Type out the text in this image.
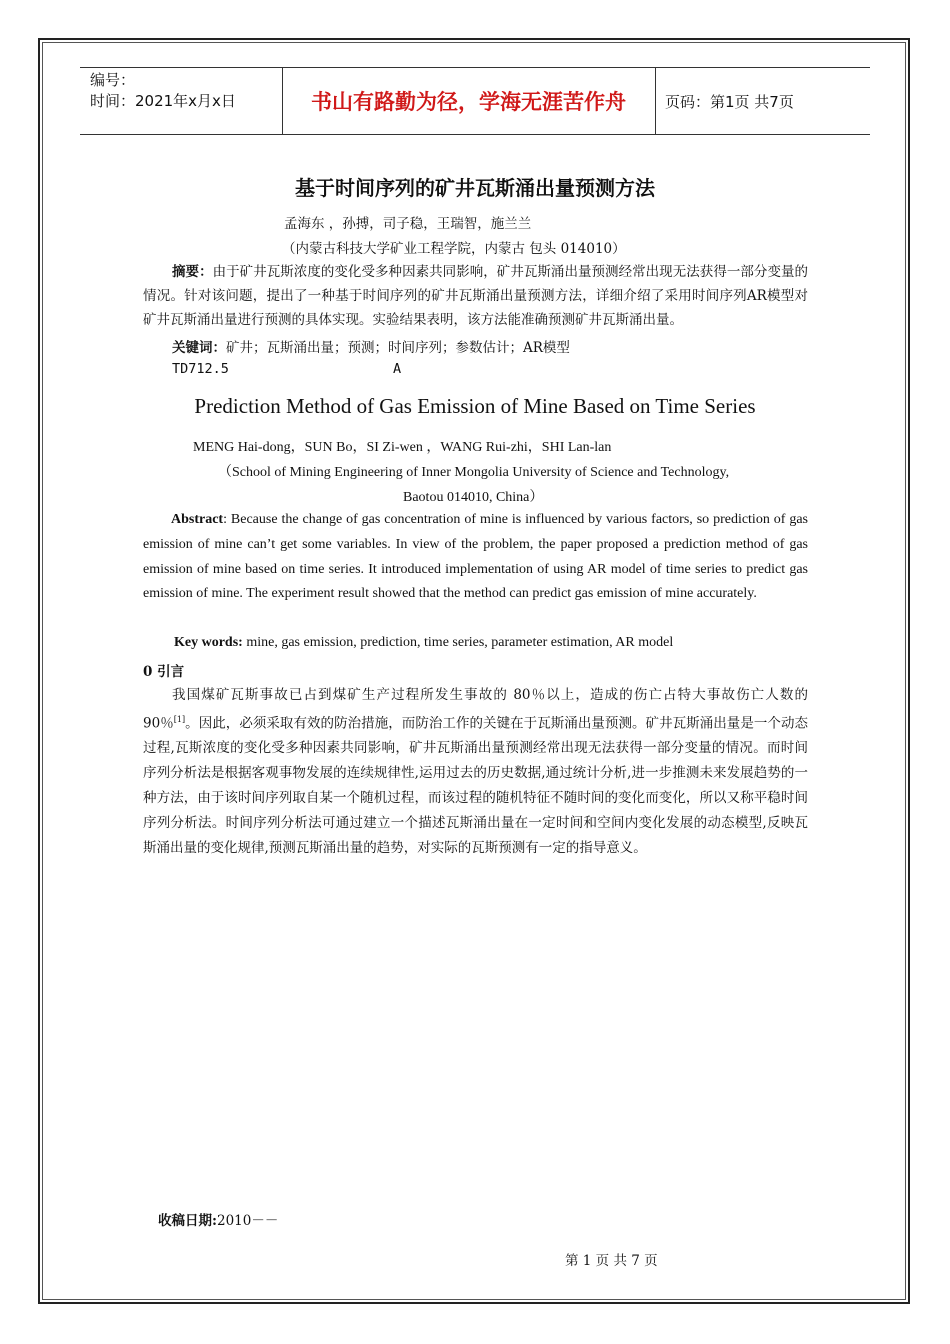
编号：
时间：2021年x月x日	书山有路勤为径，学海无涯苦作舟	页码：第1页 共7页
基于时间序列的矿井瓦斯涌出量预测方法
孟海东 ，孙搏，司子稳，王瑞智，施兰兰
（内蒙古科技大学矿业工程学院，内蒙古 包头 014010）
摘要：由于矿井瓦斯浓度的变化受多种因素共同影响，矿井瓦斯涌出量预测经常出现无法获得一部分变量的情况。针对该问题，提出了一种基于时间序列的矿井瓦斯涌出量预测方法，详细介绍了采用时间序列AR模型对矿井瓦斯涌出量进行预测的具体实现。实验结果表明，该方法能准确预测矿井瓦斯涌出量。
关键词：矿井；瓦斯涌出量；预测；时间序列；参数估计；AR模型
TD712.5	A
Prediction Method of Gas Emission of Mine Based on Time Series
MENG Hai-dong，SUN Bo，SI Zi-wen ，WANG Rui-zhi，SHI Lan-lan
（School of Mining Engineering of Inner Mongolia University of Science and Technology,
Baotou 014010, China）
Abstract: Because the change of gas concentration of mine is influenced by various factors, so prediction of gas emission of mine can’t get some variables. In view of the problem, the paper proposed a prediction method of gas emission of mine based on time series. It introduced implementation of using AR model of time series to predict gas emission of mine. The experiment result showed that the method can predict gas emission of mine accurately.
Key words: mine, gas emission, prediction, time series, parameter estimation, AR model
0 引言
我国煤矿瓦斯事故已占到煤矿生产过程所发生事故的 80％以上，造成的伤亡占特大事故伤亡人数的90％[1]。因此，必须采取有效的防治措施，而防治工作的关键在于瓦斯涌出量预测。矿井瓦斯涌出量是一个动态过程,瓦斯浓度的变化受多种因素共同影响，矿井瓦斯涌出量预测经常出现无法获得一部分变量的情况。而时间序列分析法是根据客观事物发展的连续规律性,运用过去的历史数据,通过统计分析,进一步推测未来发展趋势的一种方法，由于该时间序列取自某一个随机过程，而该过程的随机特征不随时间的变化而变化，所以又称平稳时间序列分析法。时间序列分析法可通过建立一个描述瓦斯涌出量在一定时间和空间内变化发展的动态模型,反映瓦斯涌出量的变化规律,预测瓦斯涌出量的趋势，对实际的瓦斯预测有一定的指导意义。
收稿日期:2010－－
第 1 页 共 7 页
